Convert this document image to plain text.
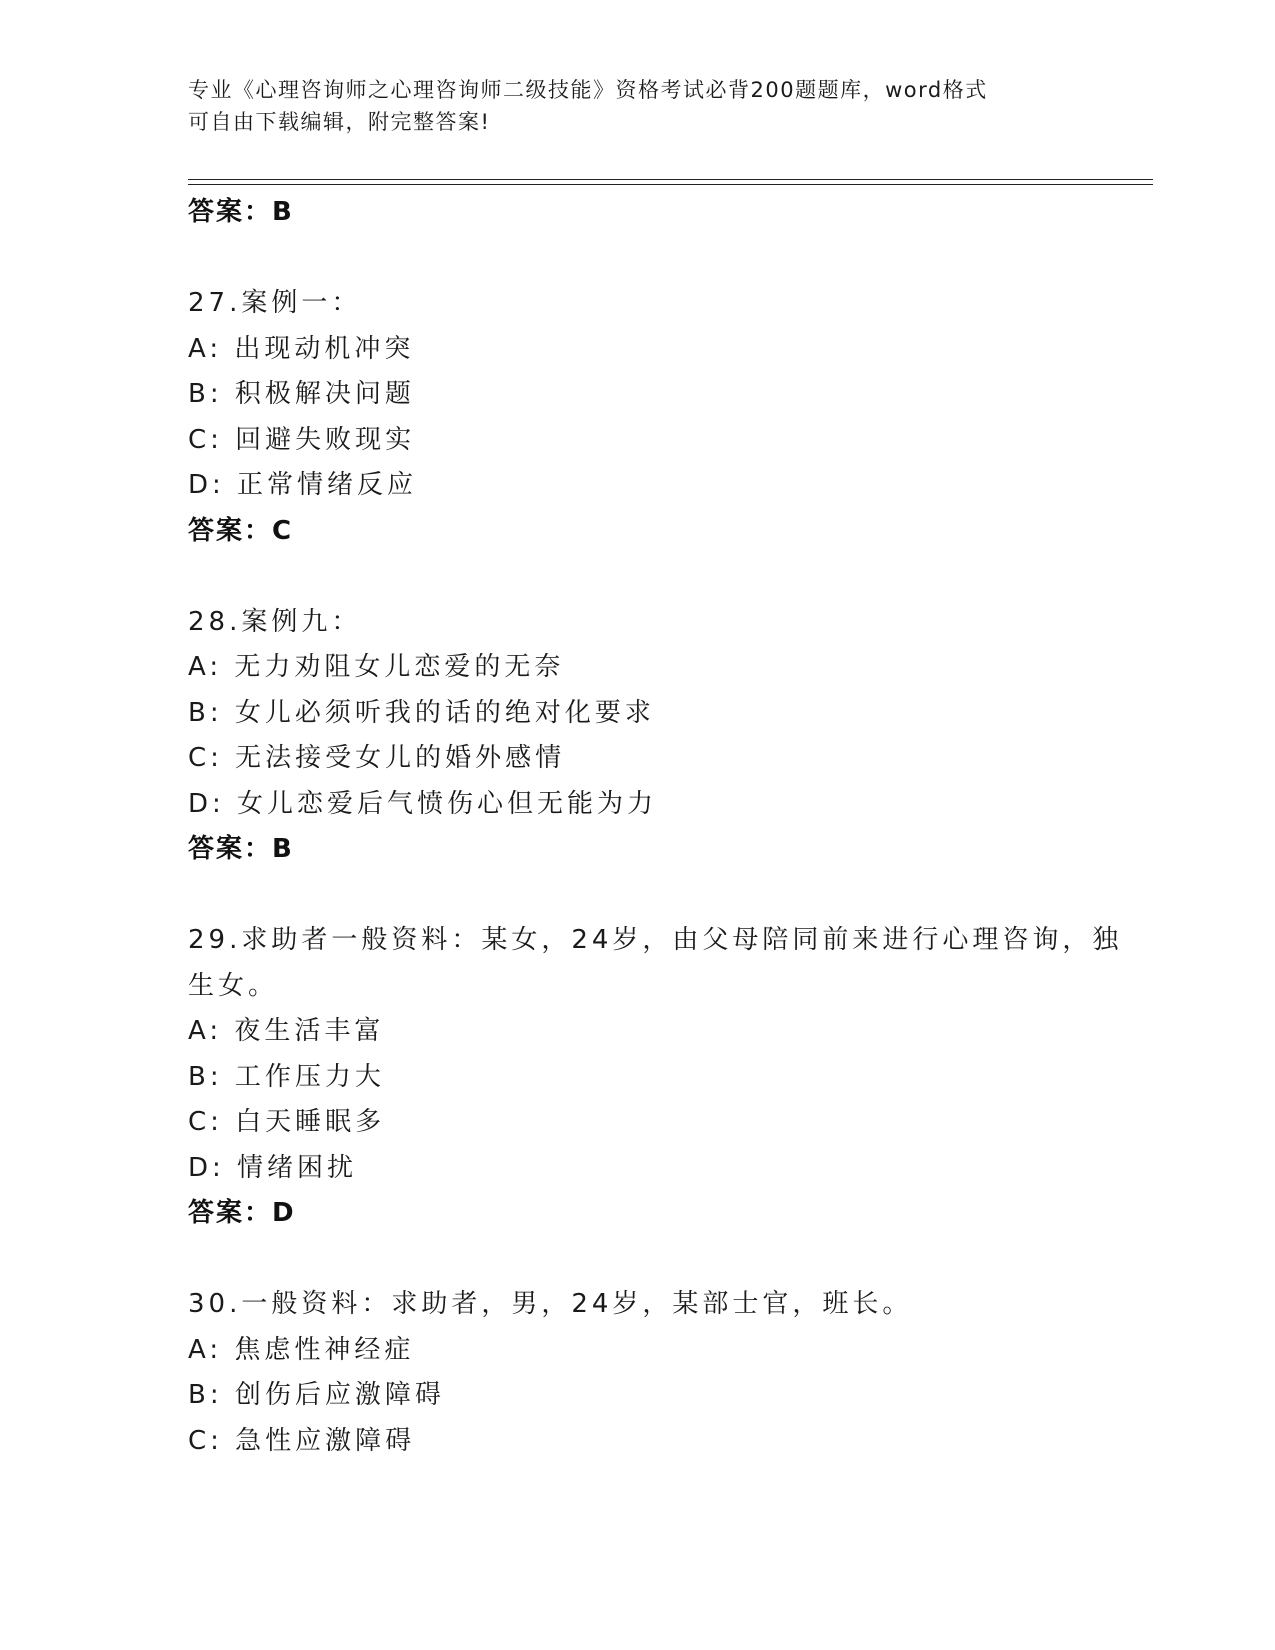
专业《心理咨询师之心理咨询师二级技能》资格考试必背200题题库，word格式
可自由下载编辑，附完整答案!
答案：B
27.案例一：
A: 出现动机冲突
B: 积极解决问题
C: 回避失败现实
D: 正常情绪反应
答案：C
28.案例九：
A: 无力劝阻女儿恋爱的无奈
B: 女儿必须听我的话的绝对化要求
C: 无法接受女儿的婚外感情
D: 女儿恋爱后气愤伤心但无能为力
答案：B
29.求助者一般资料：某女，24岁，由父母陪同前来进行心理咨询，独
生女。
A: 夜生活丰富
B: 工作压力大
C: 白天睡眠多
D: 情绪困扰
答案：D
30.一般资料：求助者，男，24岁，某部士官，班长。
A: 焦虑性神经症
B: 创伤后应激障碍
C: 急性应激障碍
